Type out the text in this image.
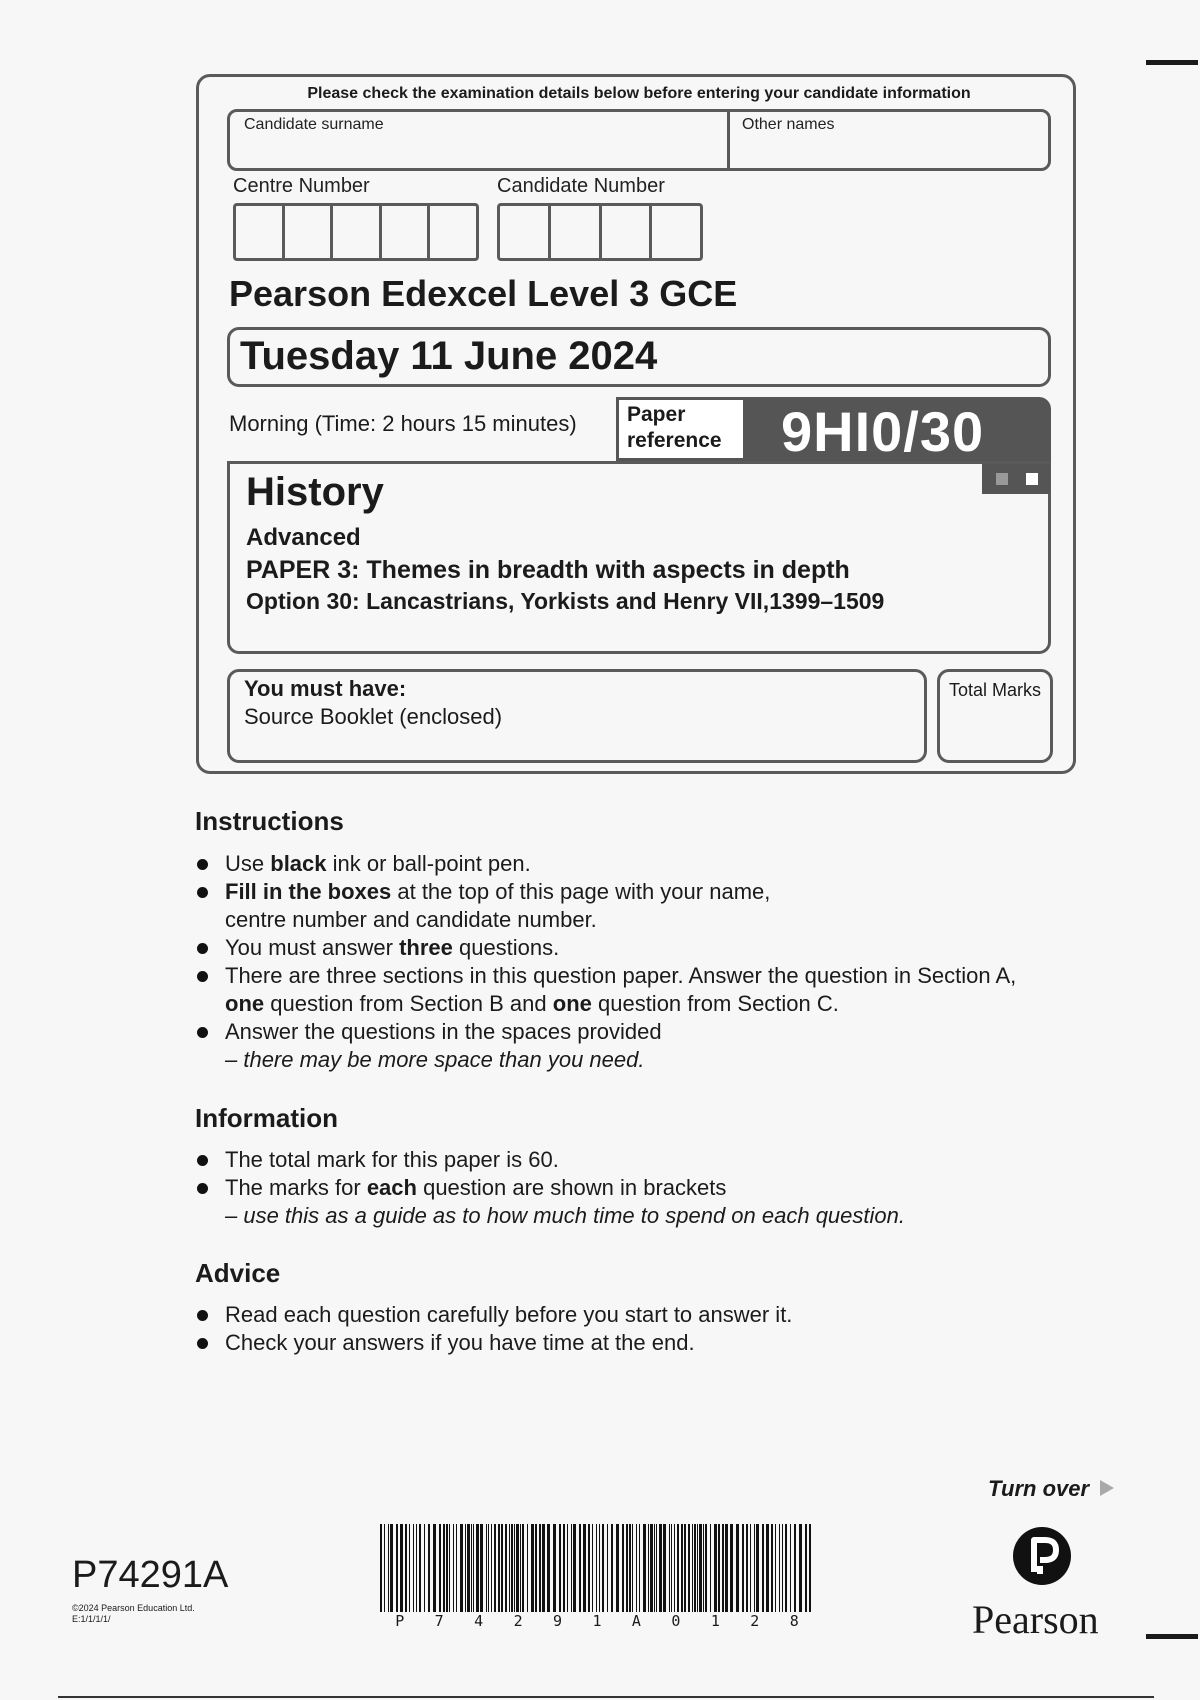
Please check the examination details below before entering your candidate information
Candidate surname	Other names
Centre Number	Candidate Number
Pearson Edexcel Level 3 GCE
Tuesday 11 June 2024
Morning (Time: 2 hours 15 minutes) Paper
reference 9HI0/30
History
Advanced
PAPER 3: Themes in breadth with aspects in depth
Option 30: Lancastrians, Yorkists and Henry VII,1399–1509
You must have:
Source Booklet (enclosed)
Total Marks
Instructions
Use black ink or ball-point pen.
Fill in the boxes at the top of this page with your name,
centre number and candidate number.
You must answer three questions.
There are three sections in this question paper. Answer the question in Section A,
one question from Section B and one question from Section C.
Answer the questions in the spaces provided
– there may be more space than you need.
Information
The total mark for this paper is 60.
The marks for each question are shown in brackets
– use this as a guide as to how much time to spend on each question.
Advice
Read each question carefully before you start to answer it.
Check your answers if you have time at the end.
Turn over
P74291A
©2024 Pearson Education Ltd.
E:1/1/1/1/	P 7 4 2 9 1 A 0 1 2 8	Pearson
